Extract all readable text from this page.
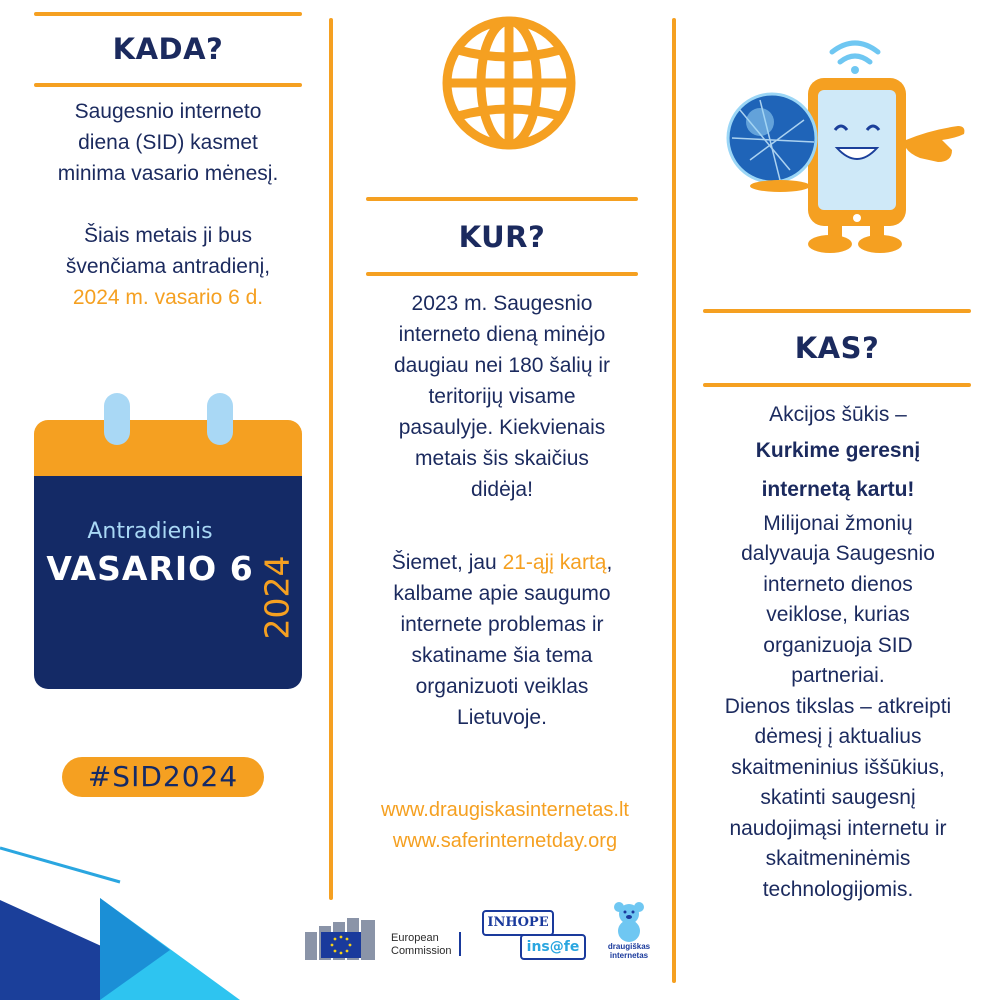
KADA?
Saugesnio interneto
diena (SID) kasmet
minima vasario mėnesį.
Šiais metais ji bus
švenčiama antradienį,
2024 m. vasario 6 d.
Antradienis
VASARIO 6 2024
#SID2024
KUR?
2023 m. Saugesnio
interneto dieną minėjo
daugiau nei 180 šalių ir
teritorijų visame
pasaulyje. Kiekvienais
metais šis skaičius
didėja!
Šiemet, jau 21-ąjį kartą,
kalbame apie saugumo
internete problemas ir
skatiname šia tema
organizuoti veiklas
Lietuvoje.
www.draugiskasinternetas.lt
www.saferinternetday.org
KAS?
Akcijos šūkis –
Kurkime geresnį
internetą kartu!
Milijonai žmonių
dalyvauja Saugesnio
interneto dienos
veiklose, kurias
organizuoja SID
partneriai.
Dienos tikslas – atkreipti
dėmesį į aktualius
skaitmeninius iššūkius,
skatinti saugesnį
naudojimąsi internetu ir
skaitmeninėmis
technologijomis.
European
Commission
INHOPE
ins@fe	draugiškas
internetas
